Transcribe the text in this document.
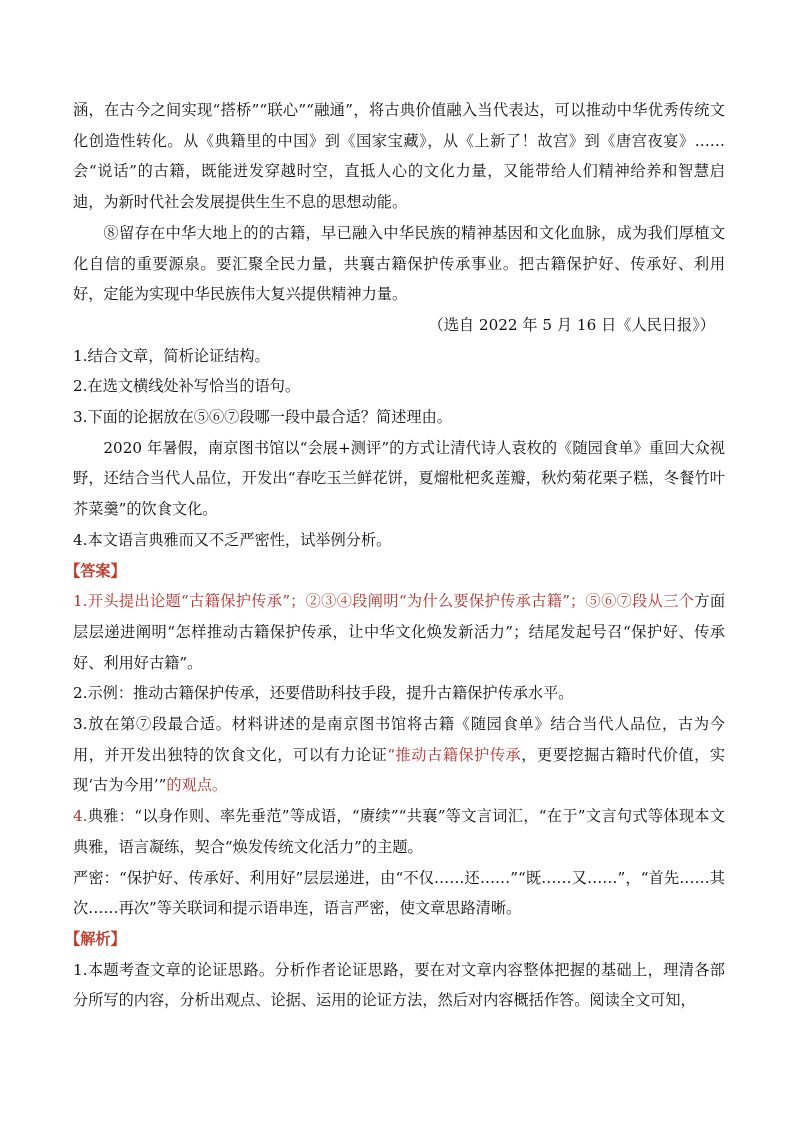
涵，在古今之间实现“搭桥”“联心”“融通”，将古典价值融入当代表达，可以推动中华优秀传统文化创造性转化。从《典籍里的中国》到《国家宝藏》，从《上新了！故宫》到《唐宫夜宴》……会“说话”的古籍，既能迸发穿越时空，直抵人心的文化力量，又能带给人们精神给养和智慧启迪，为新时代社会发展提供生生不息的思想动能。

⑧留存在中华大地上的的古籍，早已融入中华民族的精神基因和文化血脉，成为我们厚植文化自信的重要源泉。要汇聚全民力量，共襄古籍保护传承事业。把古籍保护好、传承好、利用好，定能为实现中华民族伟大复兴提供精神力量。

（选自 2022 年 5 月 16 日《人民日报》）

1.结合文章，简析论证结构。

2.在选文横线处补写恰当的语句。

3.下面的论据放在⑤⑥⑦段哪一段中最合适？简述理由。

2020 年暑假，南京图书馆以“会展+测评”的方式让清代诗人袁枚的《随园食单》重回大众视野，还结合当代人品位，开发出“春吃玉兰鲜花饼，夏熘枇杷炙莲瓣，秋灼菊花栗子糕，冬餐竹叶芥菜羹”的饮食文化。

4.本文语言典雅而又不乏严密性，试举例分析。

【答案】

1.开头提出论题“古籍保护传承”；②③④段阐明“为什么要保护传承古籍”；⑤⑥⑦段从三个方面层层递进阐明“怎样推动古籍保护传承，让中华文化焕发新活力”；结尾发起号召“保护好、传承好、利用好古籍”。

2.示例：推动古籍保护传承，还要借助科技手段，提升古籍保护传承水平。

3.放在第⑦段最合适。材料讲述的是南京图书馆将古籍《随园食单》结合当代人品位，古为今用，并开发出独特的饮食文化，可以有力论证“推动古籍保护传承，更要挖掘古籍时代价值，实现‘古为今用’”的观点。

4.典雅：“以身作则、率先垂范”等成语，“赓续”“共襄”等文言词汇，“在于”文言句式等体现本文典雅，语言凝练，契合“焕发传统文化活力”的主题。

严密：“保护好、传承好、利用好”层层递进，由“不仅……还……”“既……又……”，“首先……其次……再次”等关联词和提示语串连，语言严密，使文章思路清晰。

【解析】

1.本题考查文章的论证思路。分析作者论证思路，要在对文章内容整体把握的基础上，理清各部分所写的内容，分析出观点、论据、运用的论证方法，然后对内容概括作答。阅读全文可知，
